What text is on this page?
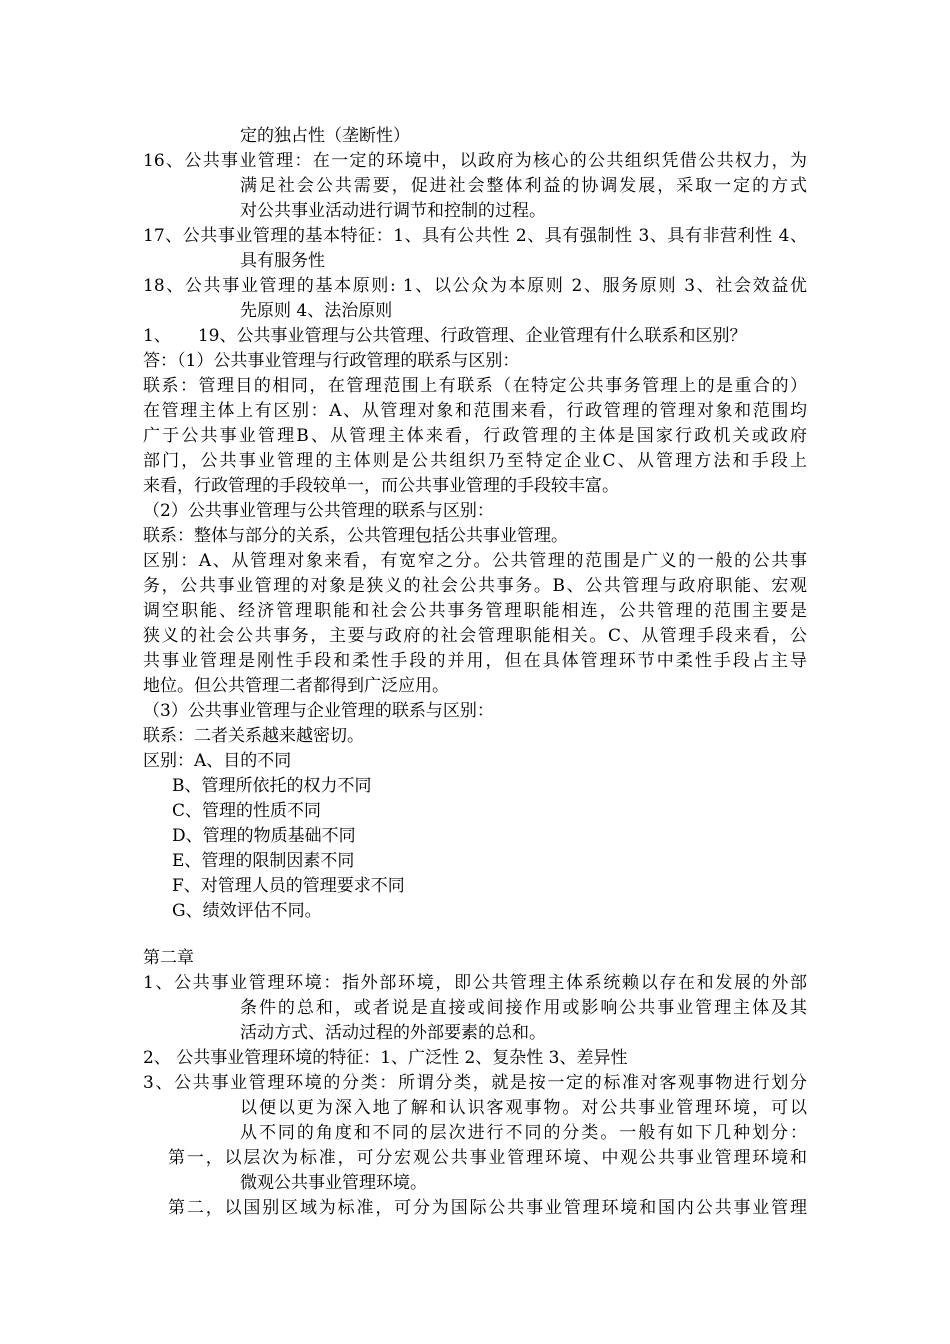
定的独占性（垄断性）
16、公共事业管理：在一定的环境中，以政府为核心的公共组织凭借公共权力，为
满足社会公共需要，促进社会整体利益的协调发展，采取一定的方式
对公共事业活动进行调节和控制的过程。
17、公共事业管理的基本特征：1、具有公共性 2、具有强制性 3、具有非营利性 4、
具有服务性
18、公共事业管理的基本原则: 1、以公众为本原则 2、服务原则 3、社会效益优
先原则 4、法治原则
1、     19、公共事业管理与公共管理、行政管理、企业管理有什么联系和区别？
答：（1）公共事业管理与行政管理的联系与区别：
联系：管理目的相同，在管理范围上有联系（在特定公共事务管理上的是重合的）
在管理主体上有区别：A、从管理对象和范围来看，行政管理的管理对象和范围均
广于公共事业管理B、从管理主体来看，行政管理的主体是国家行政机关或政府
部门，公共事业管理的主体则是公共组织乃至特定企业C、从管理方法和手段上
来看，行政管理的手段较单一，而公共事业管理的手段较丰富。
（2）公共事业管理与公共管理的联系与区别：
联系：整体与部分的关系，公共管理包括公共事业管理。
区别：A、从管理对象来看，有宽窄之分。公共管理的范围是广义的一般的公共事
务，公共事业管理的对象是狭义的社会公共事务。B、公共管理与政府职能、宏观
调空职能、经济管理职能和社会公共事务管理职能相连，公共管理的范围主要是
狭义的社会公共事务，主要与政府的社会管理职能相关。C、从管理手段来看，公
共事业管理是刚性手段和柔性手段的并用，但在具体管理环节中柔性手段占主导
地位。但公共管理二者都得到广泛应用。
（3）公共事业管理与企业管理的联系与区别：
联系：二者关系越来越密切。
区别：A、目的不同
B、管理所依托的权力不同
C、管理的性质不同
D、管理的物质基础不同
E、管理的限制因素不同
F、对管理人员的管理要求不同
G、绩效评估不同。
第二章
1、公共事业管理环境：指外部环境，即公共管理主体系统赖以存在和发展的外部
条件的总和，或者说是直接或间接作用或影响公共事业管理主体及其
活动方式、活动过程的外部要素的总和。
2、 公共事业管理环境的特征：1、广泛性 2、复杂性 3、差异性
3、公共事业管理环境的分类：所谓分类，就是按一定的标准对客观事物进行划分
以便以更为深入地了解和认识客观事物。对公共事业管理环境，可以
从不同的角度和不同的层次进行不同的分类。一般有如下几种划分：
第一，以层次为标准，可分宏观公共事业管理环境、中观公共事业管理环境和
微观公共事业管理环境。
第二，以国别区域为标准，可分为国际公共事业管理环境和国内公共事业管理
